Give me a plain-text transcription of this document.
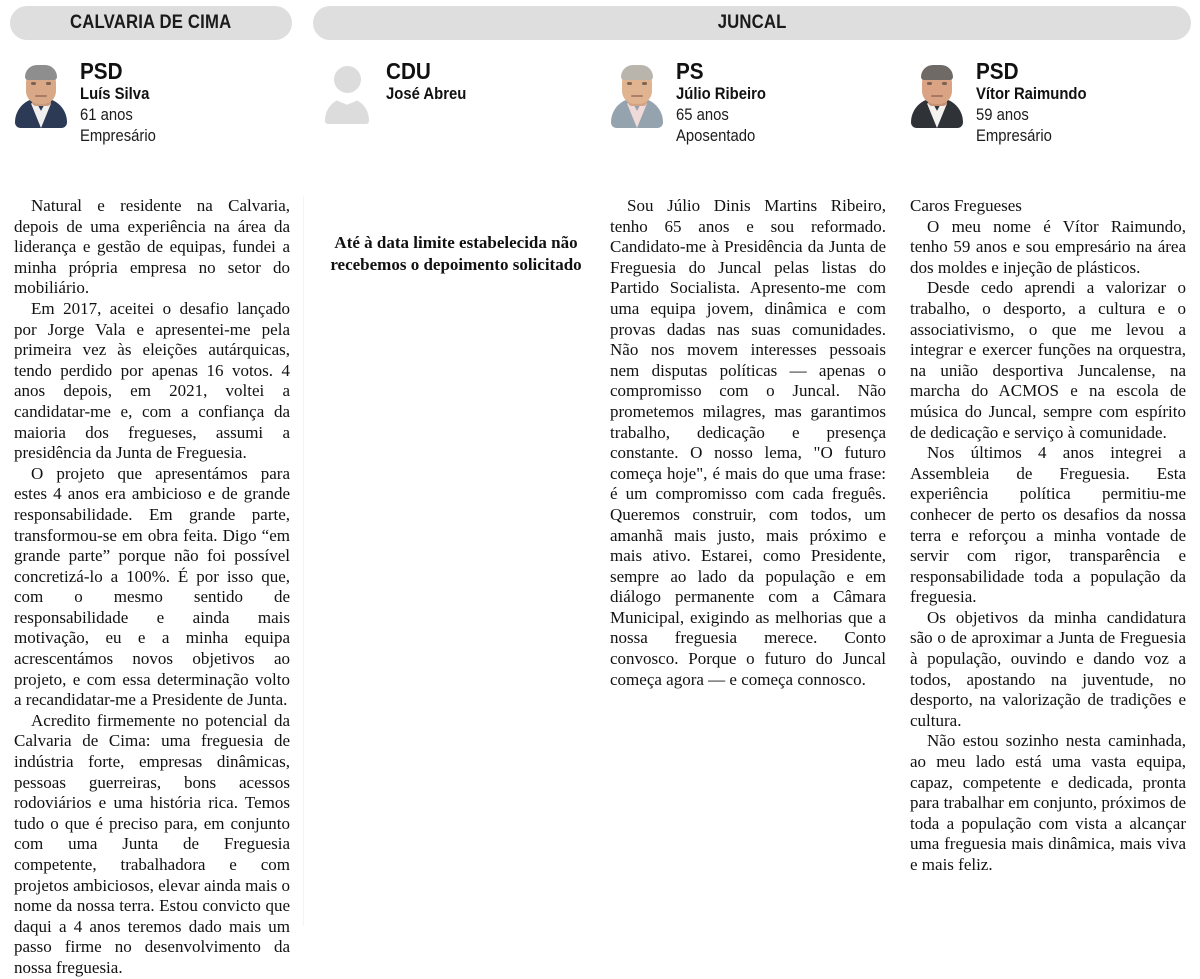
CALVARIA DE CIMA	JUNCAL
PSD
Luís Silva
61 anos
Empresário
CDU
José Abreu
PS
Júlio Ribeiro
65 anos
Aposentado
PSD
Vítor Raimundo
59 anos
Empresário

Natural e residente na Calvaria, depois de uma experiência na área da liderança e gestão de equipas, fundei a minha própria empresa no setor do mobiliário.

Em 2017, aceitei o desafio lançado por Jorge Vala e apresentei-me pela primeira vez às eleições autárquicas, tendo perdido por apenas 16 votos. 4 anos depois, em 2021, voltei a candidatar-me e, com a confiança da maioria dos fregueses, assumi a presidência da Junta de Freguesia.

O projeto que apresentámos para estes 4 anos era ambicioso e de grande responsabilidade. Em grande parte, transformou-se em obra feita. Digo “em grande parte” porque não foi possível concretizá-lo a 100%. É por isso que, com o mesmo sentido de responsabilidade e ainda mais motivação, eu e a minha equipa acrescentámos novos objetivos ao projeto, e com essa determinação volto a recandidatar-me a Presidente de Junta.

Acredito firmemente no potencial da Calvaria de Cima: uma freguesia de indústria forte, empresas dinâmicas, pessoas guerreiras, bons acessos rodoviários e uma história rica. Temos tudo o que é preciso para, em conjunto com uma Junta de Freguesia competente, trabalhadora e com projetos ambiciosos, elevar ainda mais o nome da nossa terra. Estou convicto que daqui a 4 anos teremos dado mais um passo firme no desenvolvimento da nossa freguesia.

Até à data limite estabelecida não recebemos o depoimento solicitado

Sou Júlio Dinis Martins Ribeiro, tenho 65 anos e sou reformado. Candidato-me à Presidência da Junta de Freguesia do Juncal pelas listas do Partido Socialista. Apresento-me com uma equipa jovem, dinâmica e com provas dadas nas suas comunidades. Não nos movem interesses pessoais nem disputas políticas — apenas o compromisso com o Juncal. Não prometemos milagres, mas garantimos trabalho, dedicação e presença constante. O nosso lema, "O futuro começa hoje", é mais do que uma frase: é um compromisso com cada freguês. Queremos construir, com todos, um amanhã mais justo, mais próximo e mais ativo. Estarei, como Presidente, sempre ao lado da população e em diálogo permanente com a Câmara Municipal, exigindo as melhorias que a nossa freguesia merece. Conto convosco. Porque o futuro do Juncal começa agora — e começa connosco.

Caros Fregueses

O meu nome é Vítor Raimundo, tenho 59 anos e sou empresário na área dos moldes e injeção de plásticos.

Desde cedo aprendi a valorizar o trabalho, o desporto, a cultura e o associativismo, o que me levou a integrar e exercer funções na orquestra, na união desportiva Juncalense, na marcha do ACMOS e na escola de música do Juncal, sempre com espírito de dedicação e serviço à comunidade.

Nos últimos 4 anos integrei a Assembleia de Freguesia. Esta experiência política permitiu-me conhecer de perto os desafios da nossa terra e reforçou a minha vontade de servir com rigor, transparência e responsabilidade toda a população da freguesia.

Os objetivos da minha candidatura são o de aproximar a Junta de Freguesia à população, ouvindo e dando voz a todos, apostando na juventude, no desporto, na valorização de tradições e cultura.

Não estou sozinho nesta caminhada, ao meu lado está uma vasta equipa, capaz, competente e dedicada, pronta para trabalhar em conjunto, próximos de toda a população com vista a alcançar uma freguesia mais dinâmica, mais viva e mais feliz.
